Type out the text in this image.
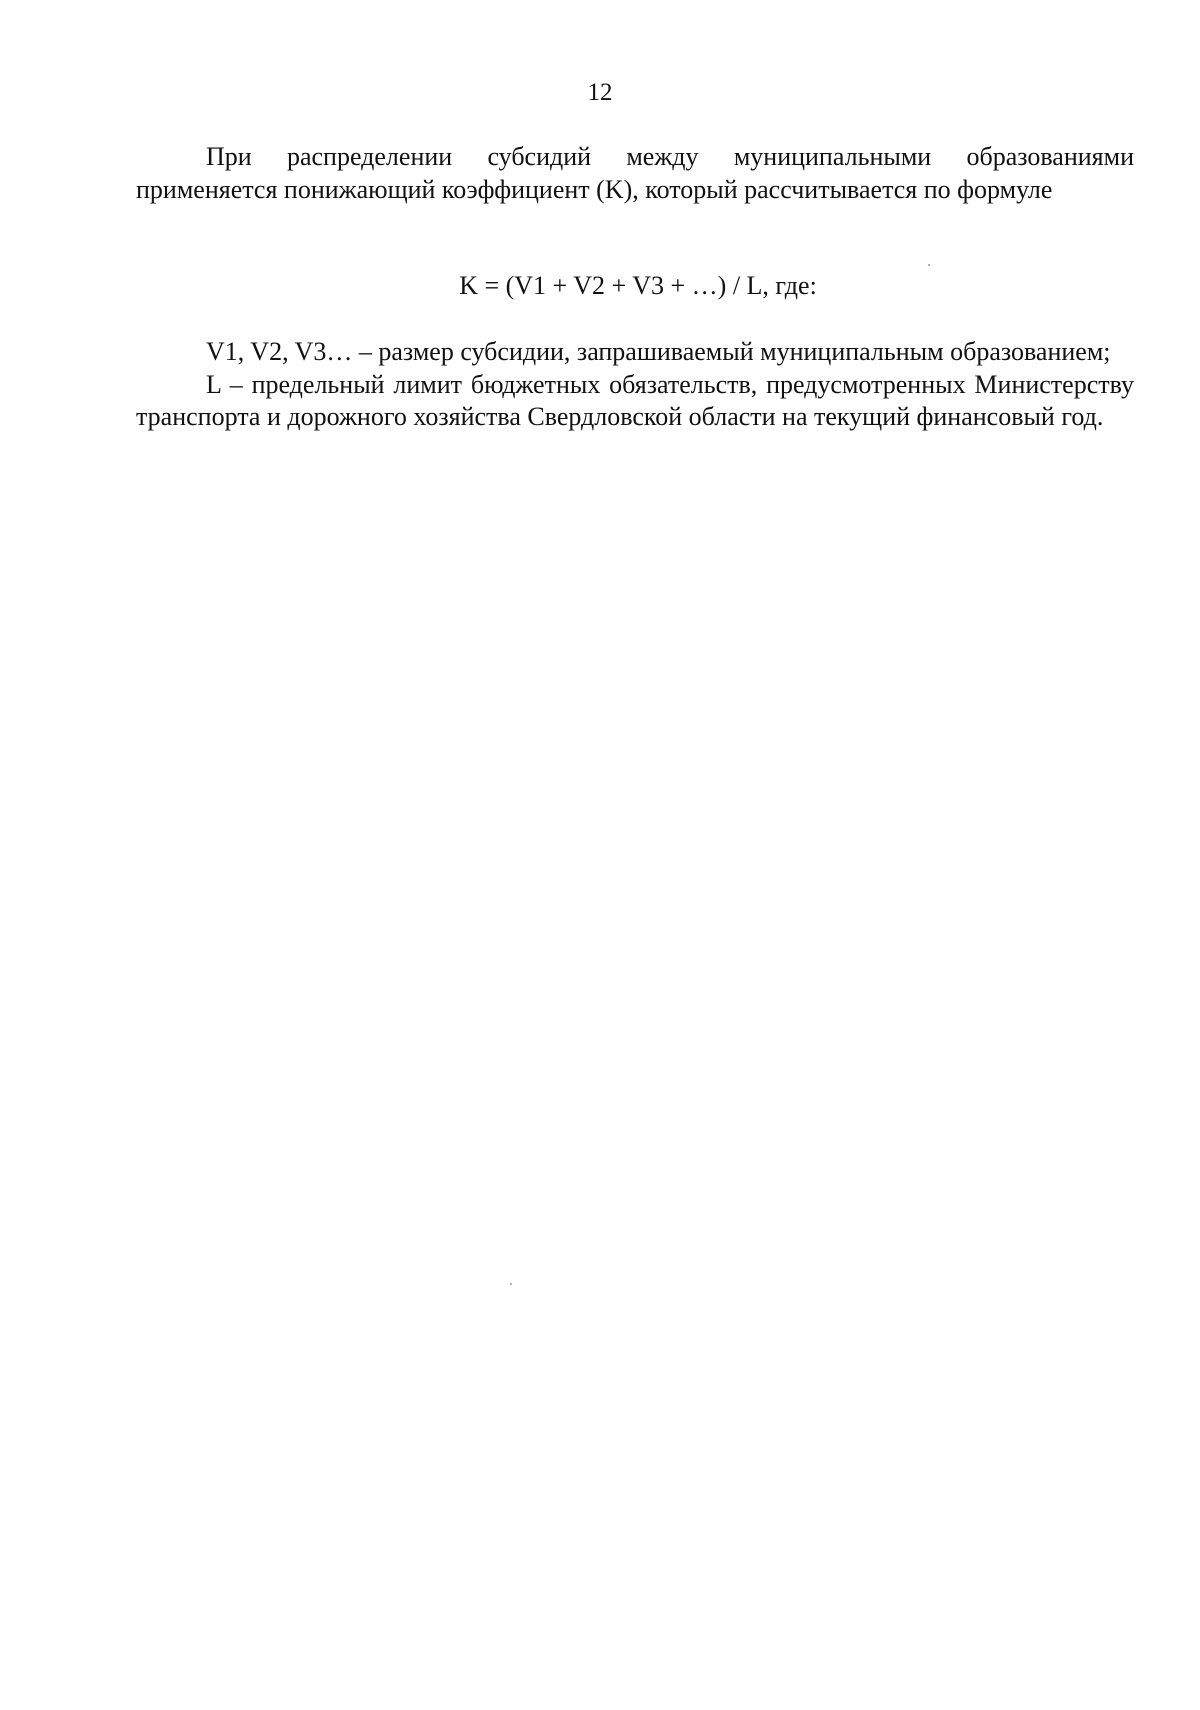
12

При распределении субсидий между муниципальными образованиями применяется понижающий коэффициент (K), который рассчитывается по формуле

K = (V1 + V2 + V3 + …) / L, где:

V1, V2, V3… – размер субсидии, запрашиваемый муниципальным образованием;

L – предельный лимит бюджетных обязательств, предусмотренных Министерству транспорта и дорожного хозяйства Свердловской области на текущий финансовый год.
